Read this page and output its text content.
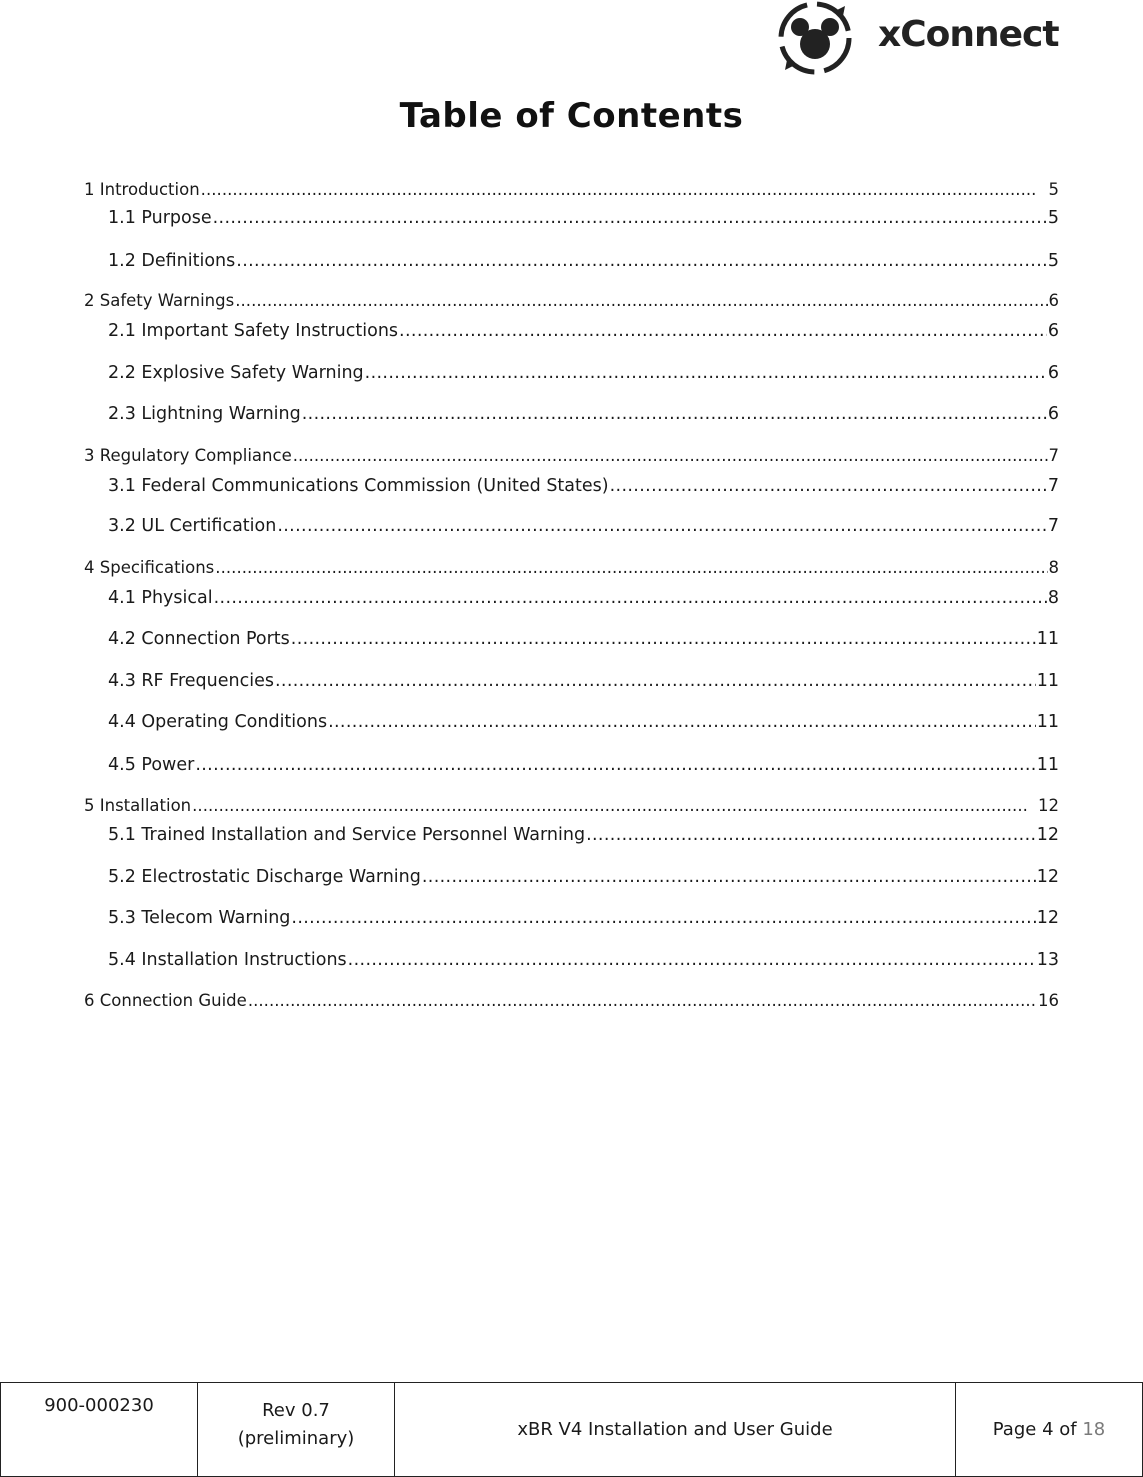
xConnect
Table of Contents
1 Introduction . . .	5
1.1 Purpose . . .	5
1.2 Definitions . . .	5
2 Safety Warnings . . .	6
2.1 Important Safety Instructions . . .	6
2.2 Explosive Safety Warning . . .	6
2.3 Lightning Warning . . .	6
3 Regulatory Compliance . . .	7
3.1 Federal Communications Commission (United States) . . .	7
3.2 UL Certification . . .	7
4 Specifications . . .	8
4.1 Physical . . .	8
4.2 Connection Ports . . .	11
4.3 RF Frequencies . . .	11
4.4 Operating Conditions . . .	11
4.5 Power . . .	11
5 Installation . . .	12
5.1 Trained Installation and Service Personnel Warning . . .	12
5.2 Electrostatic Discharge Warning . . .	12
5.3 Telecom Warning . . .	12
5.4 Installation Instructions . . .	13
6 Connection Guide . . .	16
900-000230	Rev 0.7
(preliminary)	xBR V4 Installation and User Guide	Page 4 of 18
